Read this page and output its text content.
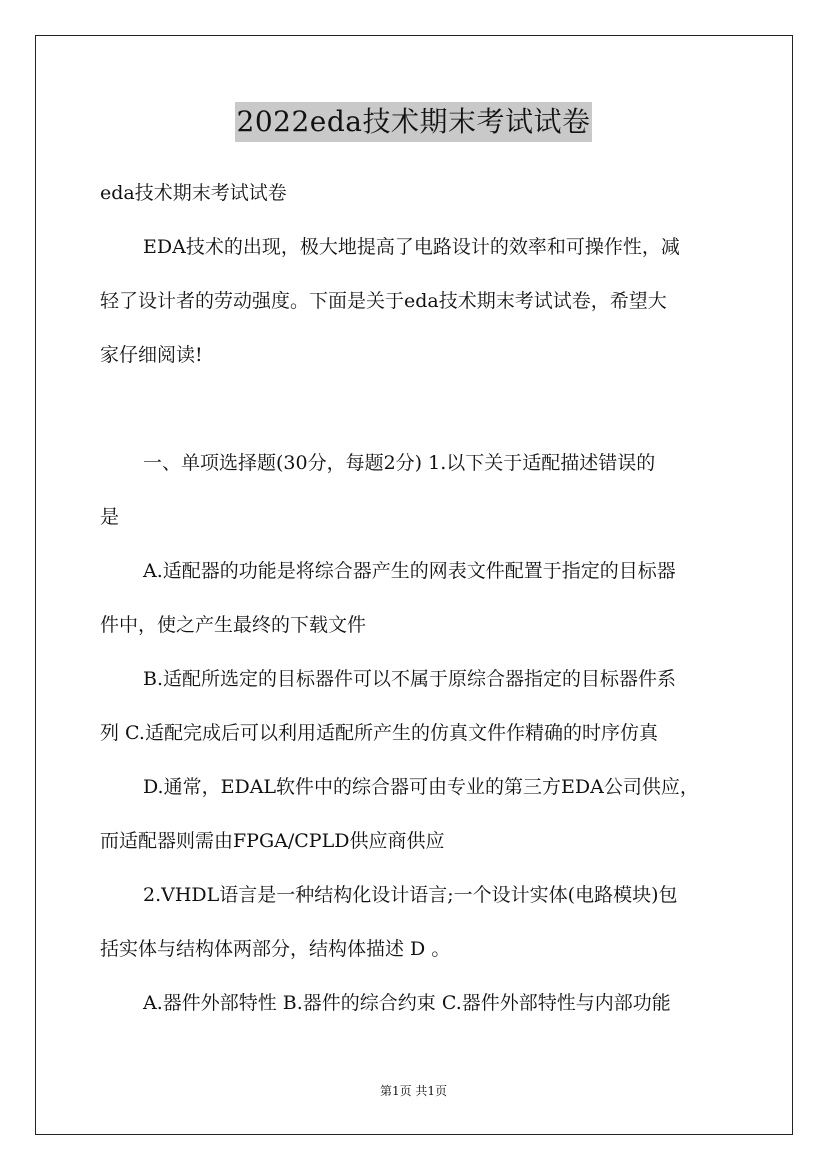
2022eda技术期末考试试卷
eda技术期末考试试卷
EDA技术的出现，极大地提高了电路设计的效率和可操作性，减
轻了设计者的劳动强度。下面是关于eda技术期末考试试卷，希望大
家仔细阅读!
一、单项选择题(30分，每题2分) 1.以下关于适配描述错误的
是
A.适配器的功能是将综合器产生的网表文件配置于指定的目标器
件中，使之产生最终的下载文件
B.适配所选定的目标器件可以不属于原综合器指定的目标器件系
列 C.适配完成后可以利用适配所产生的仿真文件作精确的时序仿真
D.通常，EDAL软件中的综合器可由专业的第三方EDA公司供应，
而适配器则需由FPGA/CPLD供应商供应
2.VHDL语言是一种结构化设计语言;一个设计实体(电路模块)包
括实体与结构体两部分，结构体描述 D 。
A.器件外部特性 B.器件的综合约束 C.器件外部特性与内部功能
第1页 共1页
